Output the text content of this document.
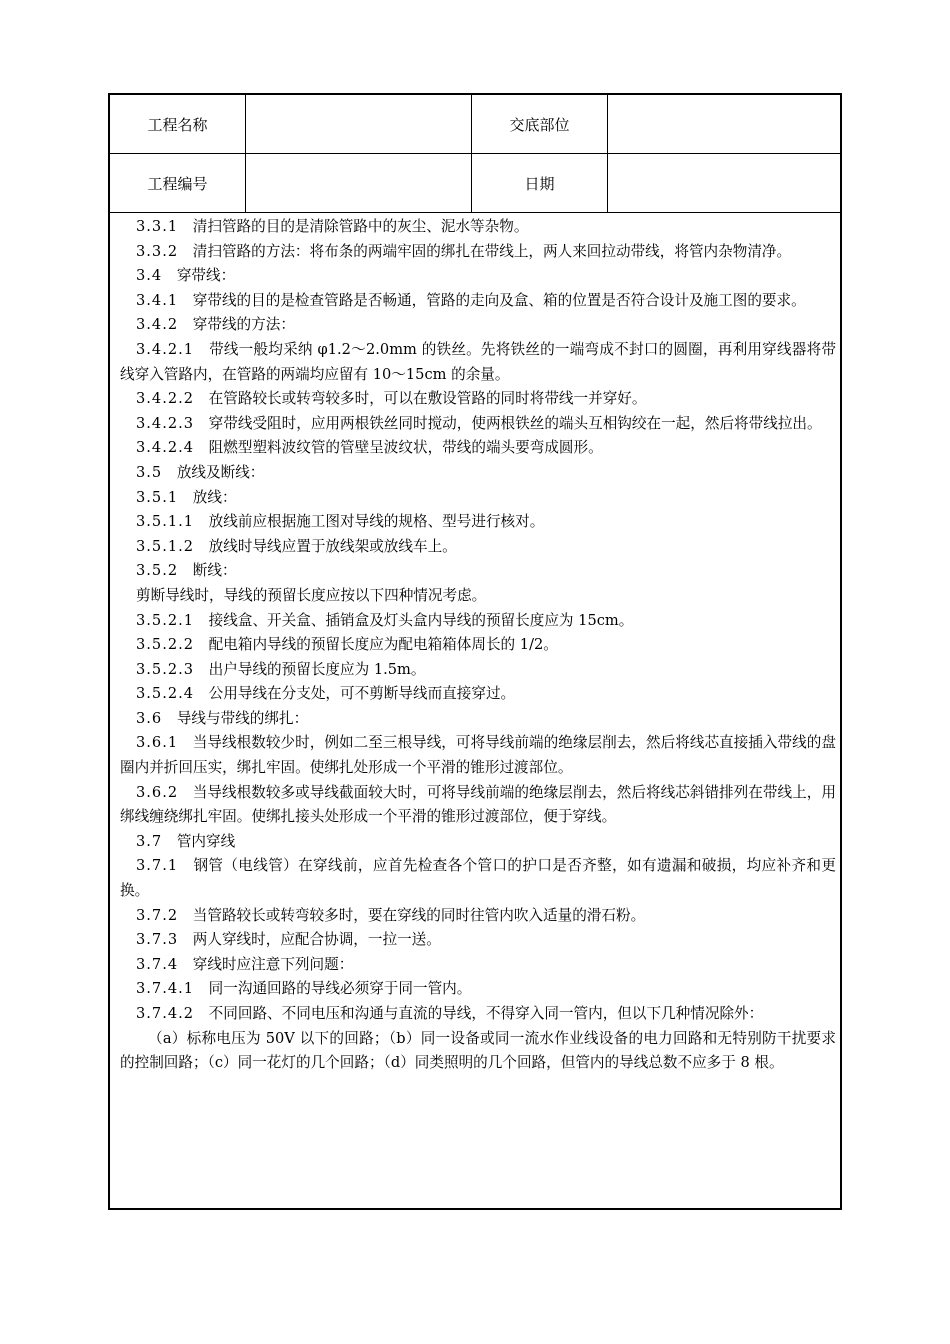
工程名称	交底部位
工程编号	日期

3.3.1　 清扫管路的目的是清除管路中的灰尘、泥水等杂物。

3.3.2　 清扫管路的方法：将布条的两端牢固的绑扎在带线上，两人来回拉动带线，将管内杂物清净。

3.4　 穿带线：

3.4.1　 穿带线的目的是检查管路是否畅通，管路的走向及盒、箱的位置是否符合设计及施工图的要求。

3.4.2　 穿带线的方法：

3.4.2.1　 带线一般均采纳 φ1.2～2.0mm 的铁丝。先将铁丝的一端弯成不封口的圆圈，再利用穿线器将带线穿入管路内，在管路的两端均应留有 10～15cm 的余量。

3.4.2.2　 在管路较长或转弯较多时，可以在敷设管路的同时将带线一并穿好。

3.4.2.3　 穿带线受阻时，应用两根铁丝同时搅动，使两根铁丝的端头互相钩绞在一起，然后将带线拉出。

3.4.2.4　 阻燃型塑料波纹管的管壁呈波纹状，带线的端头要弯成圆形。

3.5　 放线及断线：

3.5.1　 放线：

3.5.1.1　 放线前应根据施工图对导线的规格、型号进行核对。

3.5.1.2　 放线时导线应置于放线架或放线车上。

3.5.2　 断线：

剪断导线时，导线的预留长度应按以下四种情况考虑。

3.5.2.1　 接线盒、开关盒、插销盒及灯头盒内导线的预留长度应为 15cm。

3.5.2.2　 配电箱内导线的预留长度应为配电箱箱体周长的 1/2。

3.5.2.3　 出户导线的预留长度应为 1.5m。

3.5.2.4　 公用导线在分支处，可不剪断导线而直接穿过。

3.6　 导线与带线的绑扎：

3.6.1　 当导线根数较少时，例如二至三根导线，可将导线前端的绝缘层削去，然后将线芯直接插入带线的盘圈内并折回压实，绑扎牢固。使绑扎处形成一个平滑的锥形过渡部位。

3.6.2　 当导线根数较多或导线截面较大时，可将导线前端的绝缘层削去，然后将线芯斜错排列在带线上，用绑线缠绕绑扎牢固。使绑扎接头处形成一个平滑的锥形过渡部位，便于穿线。

3.7　 管内穿线

3.7.1　 钢管（电线管）在穿线前，应首先检查各个管口的护口是否齐整，如有遗漏和破损，均应补齐和更换。

3.7.2　 当管路较长或转弯较多时，要在穿线的同时往管内吹入适量的滑石粉。

3.7.3　 两人穿线时，应配合协调，一拉一送。

3.7.4　 穿线时应注意下列问题：

3.7.4.1　 同一沟通回路的导线必须穿于同一管内。

3.7.4.2　 不同回路、不同电压和沟通与直流的导线，不得穿入同一管内，但以下几种情况除外：

（a）标称电压为 50V 以下的回路；（b）同一设备或同一流水作业线设备的电力回路和无特别防干扰要求的控制回路；（c）同一花灯的几个回路；（d）同类照明的几个回路，但管内的导线总数不应多于 8 根。
